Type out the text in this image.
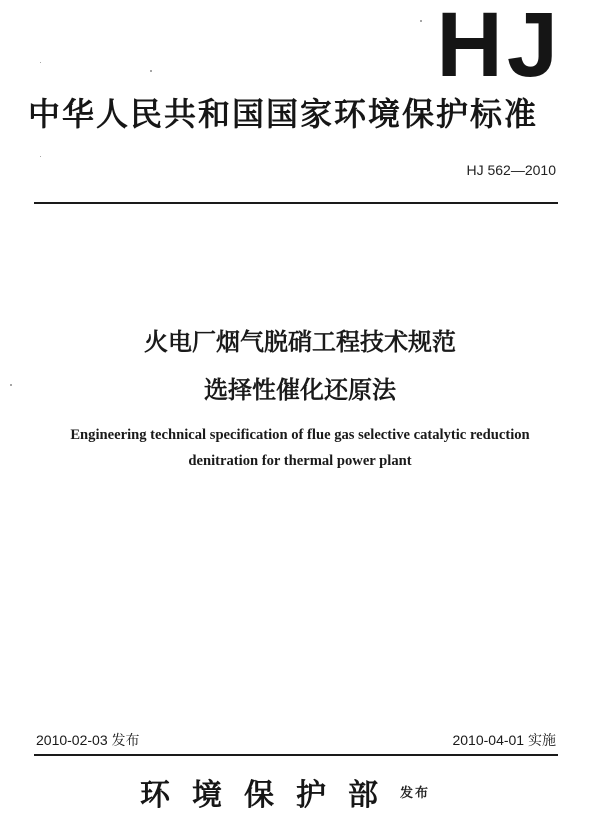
HJ
中华人民共和国国家环境保护标准
HJ 562—2010
火电厂烟气脱硝工程技术规范
选择性催化还原法
Engineering technical specification of flue gas selective catalytic reduction
denitration for thermal power plant
2010-02-03 发布	2010-04-01 实施
环境保护部 发布
